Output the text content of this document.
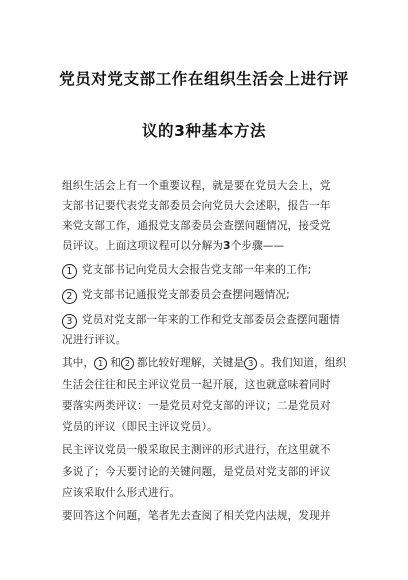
党员对党支部工作在组织生活会上进行评
议的3种基本方法
组织生活会上有一个重要议程，就是要在党员大会上，党
支部书记要代表党支部委员会向党员大会述职，报告一年
来党支部工作，通报党支部委员会查摆问题情况，接受党
员评议。上面这项议程可以分解为3个步骤——
1 党支部书记向党员大会报告党支部一年来的工作;
2 党支部书记通报党支部委员会查摆问题情况;
3 党员对党支部一年来的工作和党支部委员会查摆问题情
况进行评议。
其中， 1 和 2 都比较好理解，关键是 3 。我们知道，组织
生活会往往和民主评议党员一起开展，这也就意味着同时
要落实两类评议：一是党员对党支部的评议；二是党员对
党员的评议（即民主评议党员）。
民主评议党员一般采取民主测评的形式进行，在这里就不
多说了；今天要讨论的关键问题，是党员对党支部的评议
应该采取什么形式进行。
要回答这个问题，笔者先去查阅了相关党内法规，发现并
